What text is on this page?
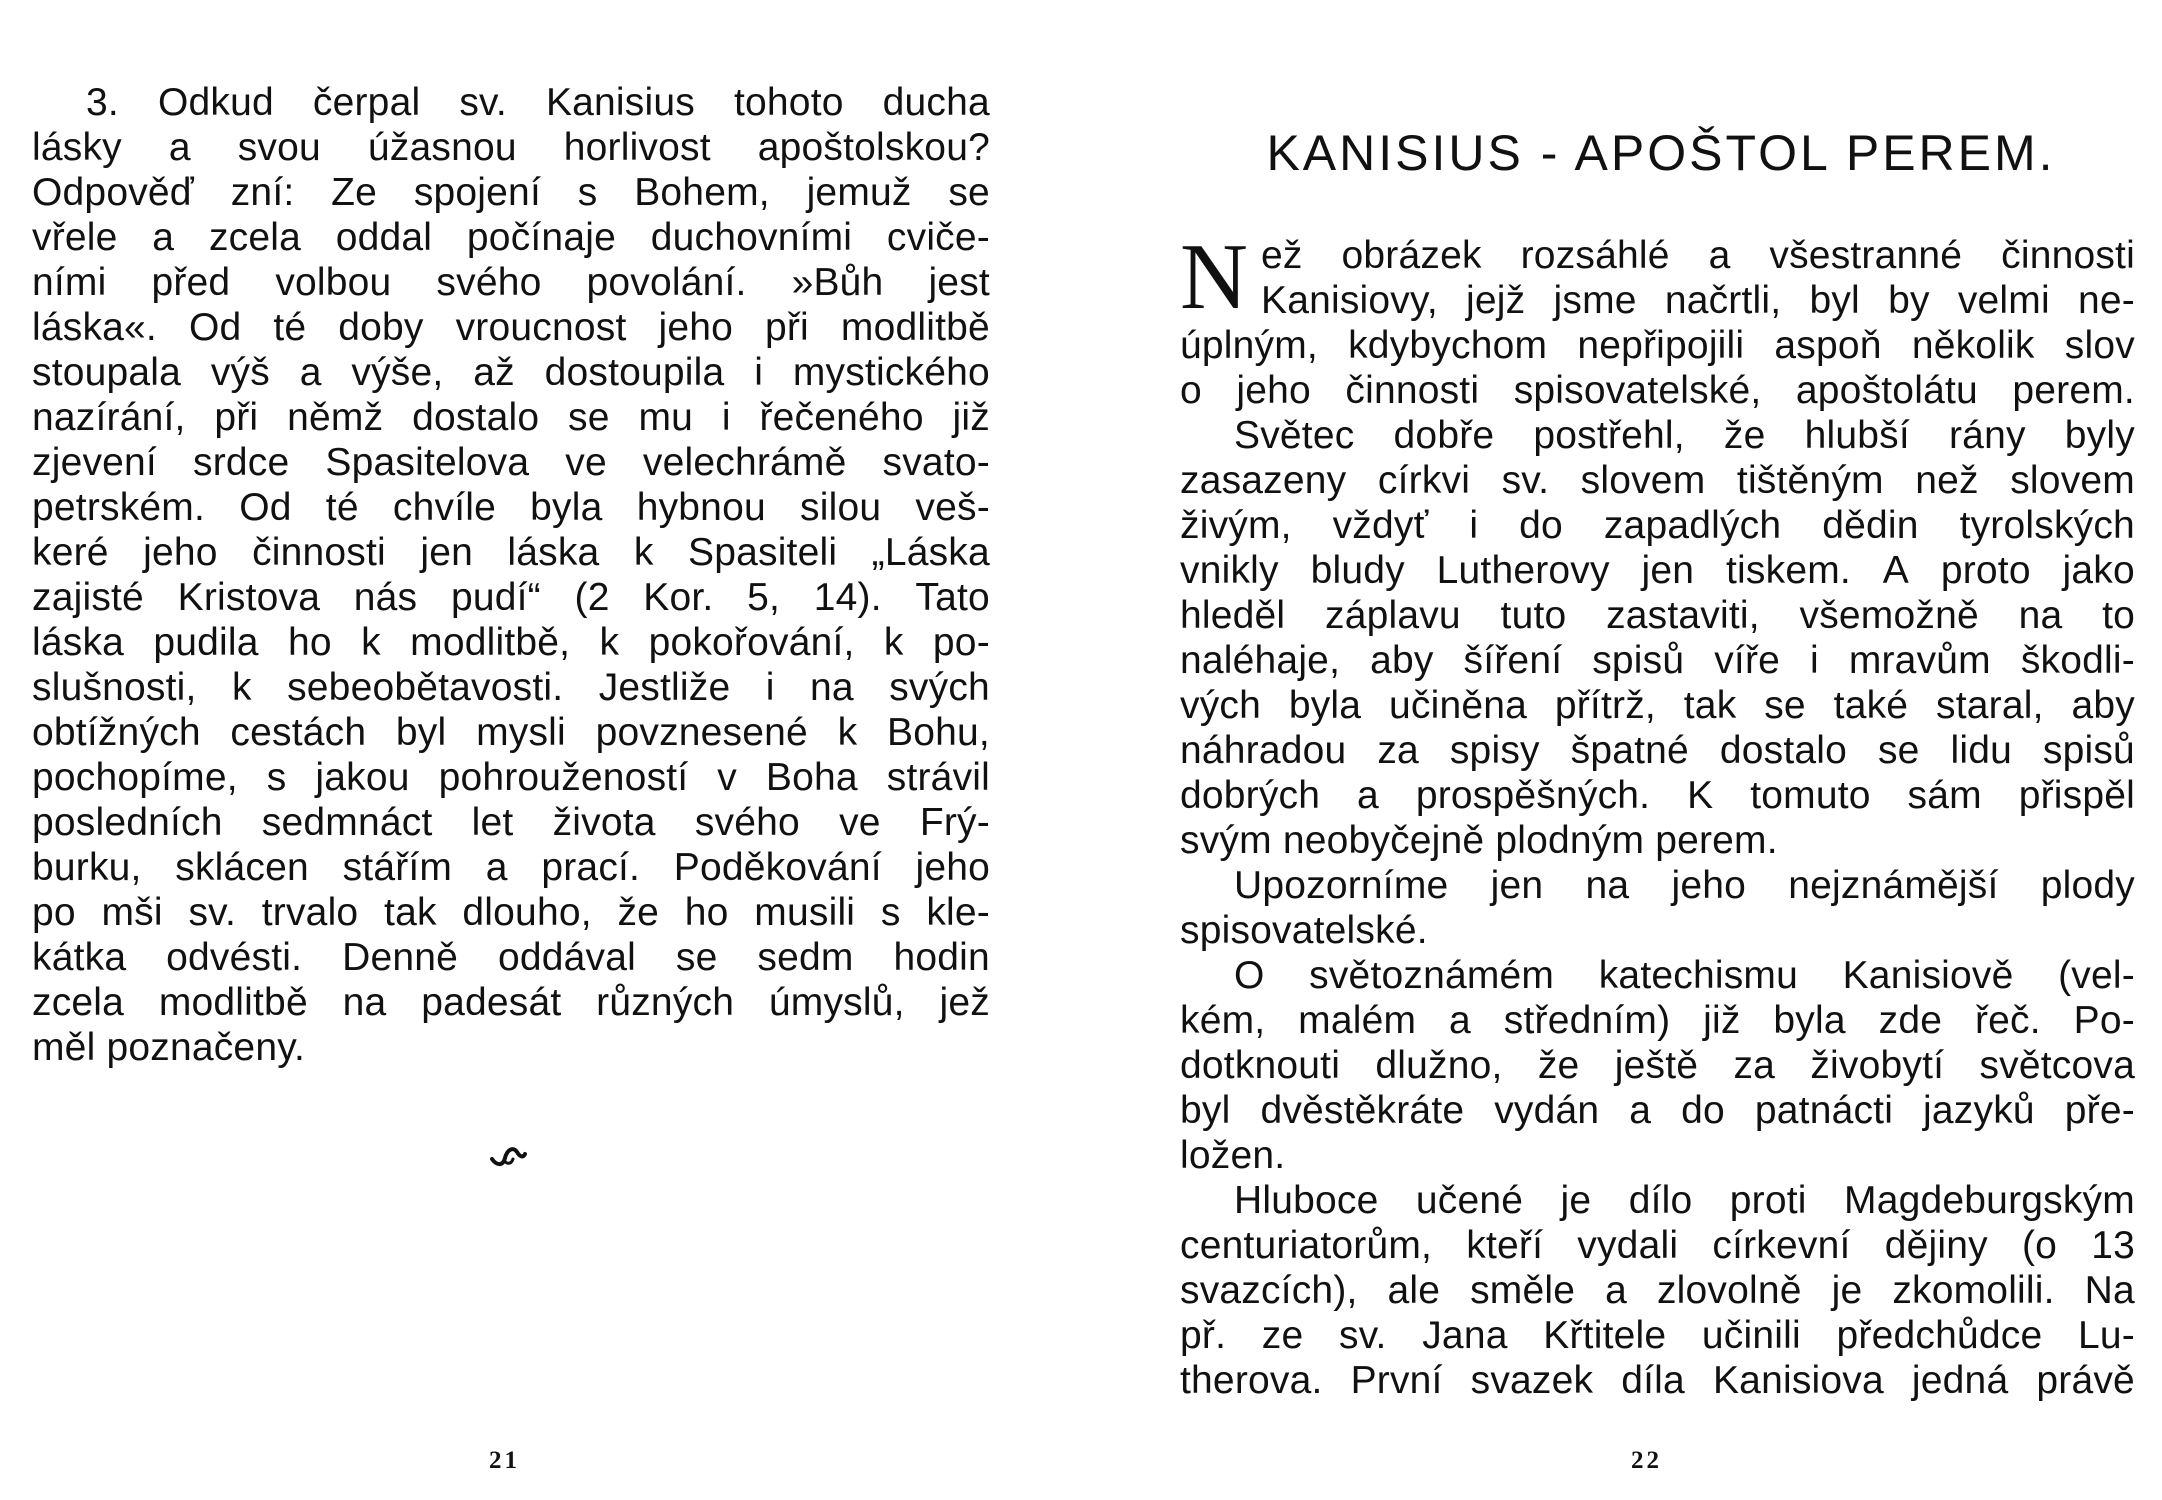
3. Odkud čerpal sv. Kanisius tohoto ducha
lásky a svou úžasnou horlivost apoštolskou?
Odpověď zní: Ze spojení s Bohem, jemuž se
vřele a zcela oddal počínaje duchovními cviče-
ními před volbou svého povolání. »Bůh jest
láska«. Od té doby vroucnost jeho při modlitbě
stoupala výš a výše, až dostoupila i mystického
nazírání, při němž dostalo se mu i řečeného již
zjevení srdce Spasitelova ve velechrámě svato-
petrském. Od té chvíle byla hybnou silou veš-
keré jeho činnosti jen láska k Spasiteli „Láska
zajisté Kristova nás pudí“ (2 Kor. 5, 14). Tato
láska pudila ho k modlitbě, k pokořování, k po-
slušnosti, k sebeobětavosti. Jestliže i na svých
obtížných cestách byl mysli povznesené k Bohu,
pochopíme, s jakou pohroužeností v Boha strávil
posledních sedmnáct let života svého ve Frý-
burku, sklácen stářím a prací. Poděkování jeho
po mši sv. trvalo tak dlouho, že ho musili s kle-
kátka odvésti. Denně oddával se sedm hodin
zcela modlitbě na padesát různých úmyslů, jež
měl poznačeny.
21
KANISIUS - APOŠTOL PEREM.
N ež obrázek rozsáhlé a všestranné činnosti
Kanisiovy, jejž jsme načrtli, byl by velmi ne-
úplným, kdybychom nepřipojili aspoň několik slov
o jeho činnosti spisovatelské, apoštolátu perem.
Světec dobře postřehl, že hlubší rány byly
zasazeny církvi sv. slovem tištěným než slovem
živým, vždyť i do zapadlých dědin tyrolských
vnikly bludy Lutherovy jen tiskem. A proto jako
hleděl záplavu tuto zastaviti, všemožně na to
naléhaje, aby šíření spisů víře i mravům škodli-
vých byla učiněna přítrž, tak se také staral, aby
náhradou za spisy špatné dostalo se lidu spisů
dobrých a prospěšných. K tomuto sám přispěl
svým neobyčejně plodným perem.
Upozorníme jen na jeho nejznámější plody
spisovatelské.
O světoznámém katechismu Kanisiově (vel-
kém, malém a středním) již byla zde řeč. Po-
dotknouti dlužno, že ještě za živobytí světcova
byl dvěstěkráte vydán a do patnácti jazyků pře-
ložen.
Hluboce učené je dílo proti Magdeburgským
centuriatorům, kteří vydali církevní dějiny (o 13
svazcích), ale směle a zlovolně je zkomolili. Na
př. ze sv. Jana Křtitele učinili předchůdce Lu-
therova. První svazek díla Kanisiova jedná právě
22
